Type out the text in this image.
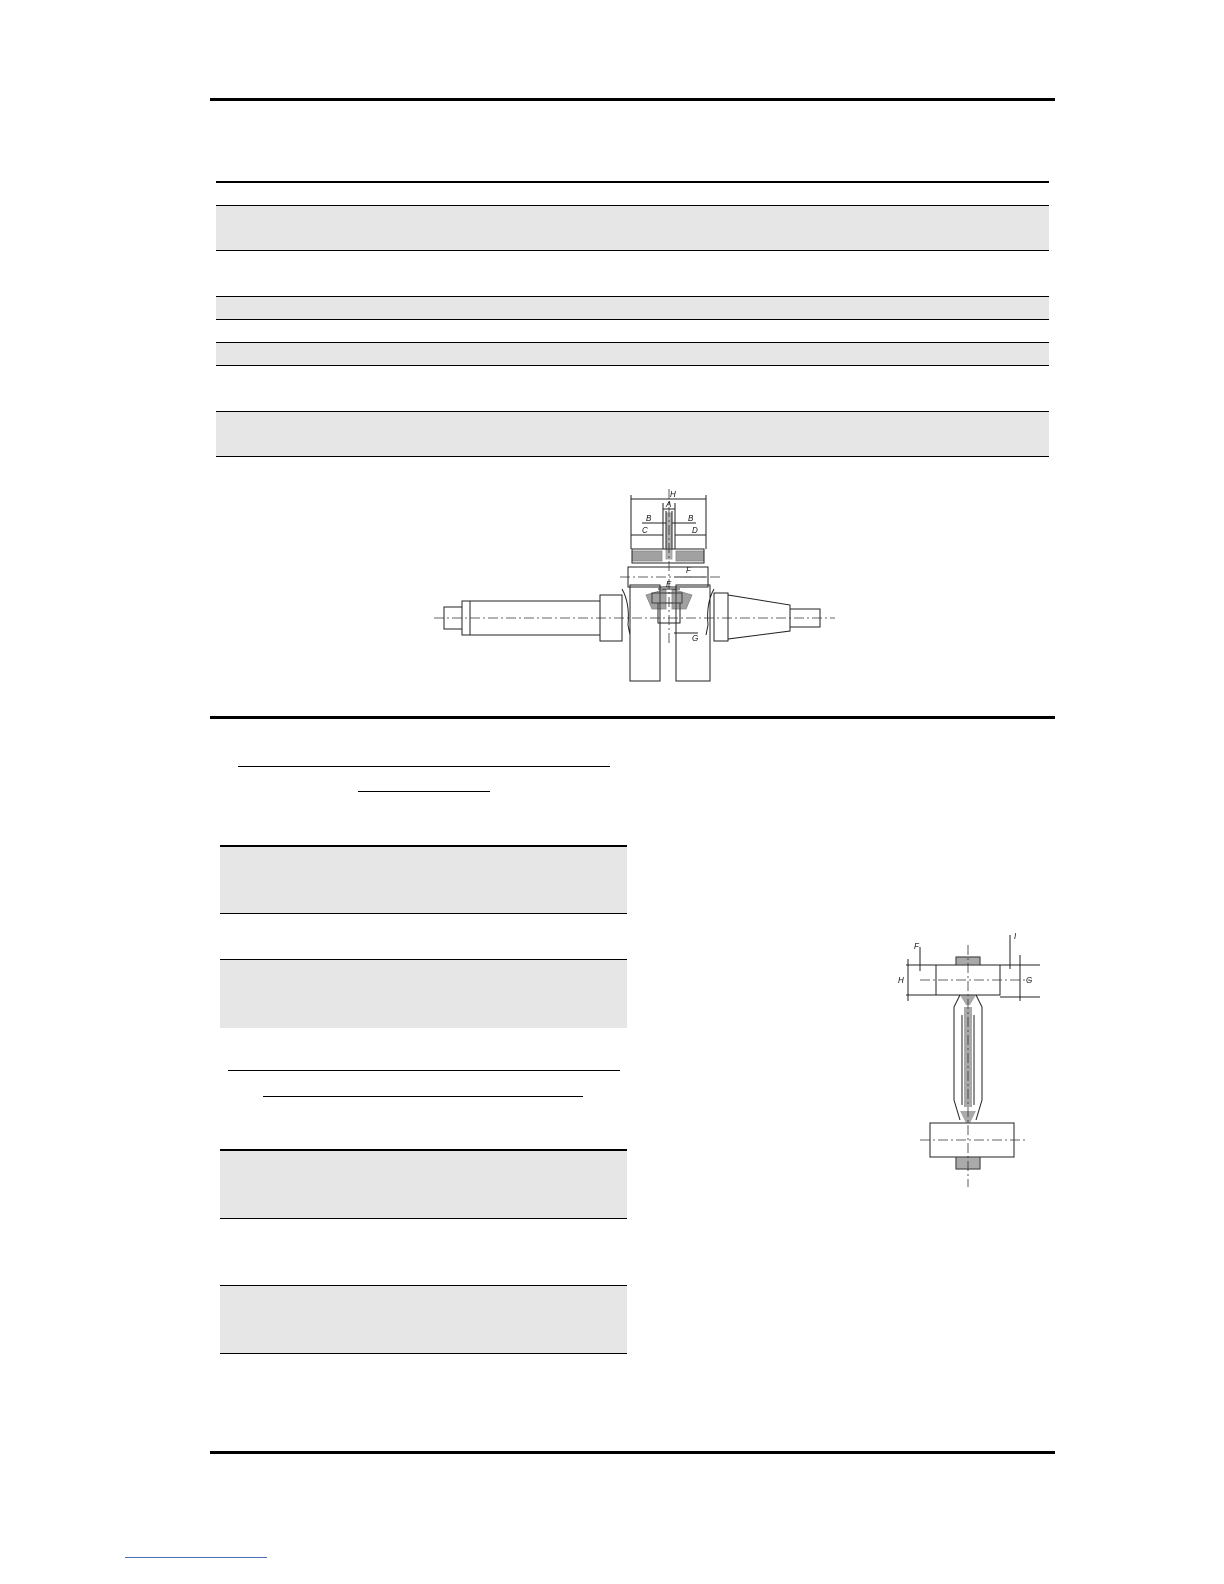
H
A
B	B
C	D
F
E
G
F
I
H	G
